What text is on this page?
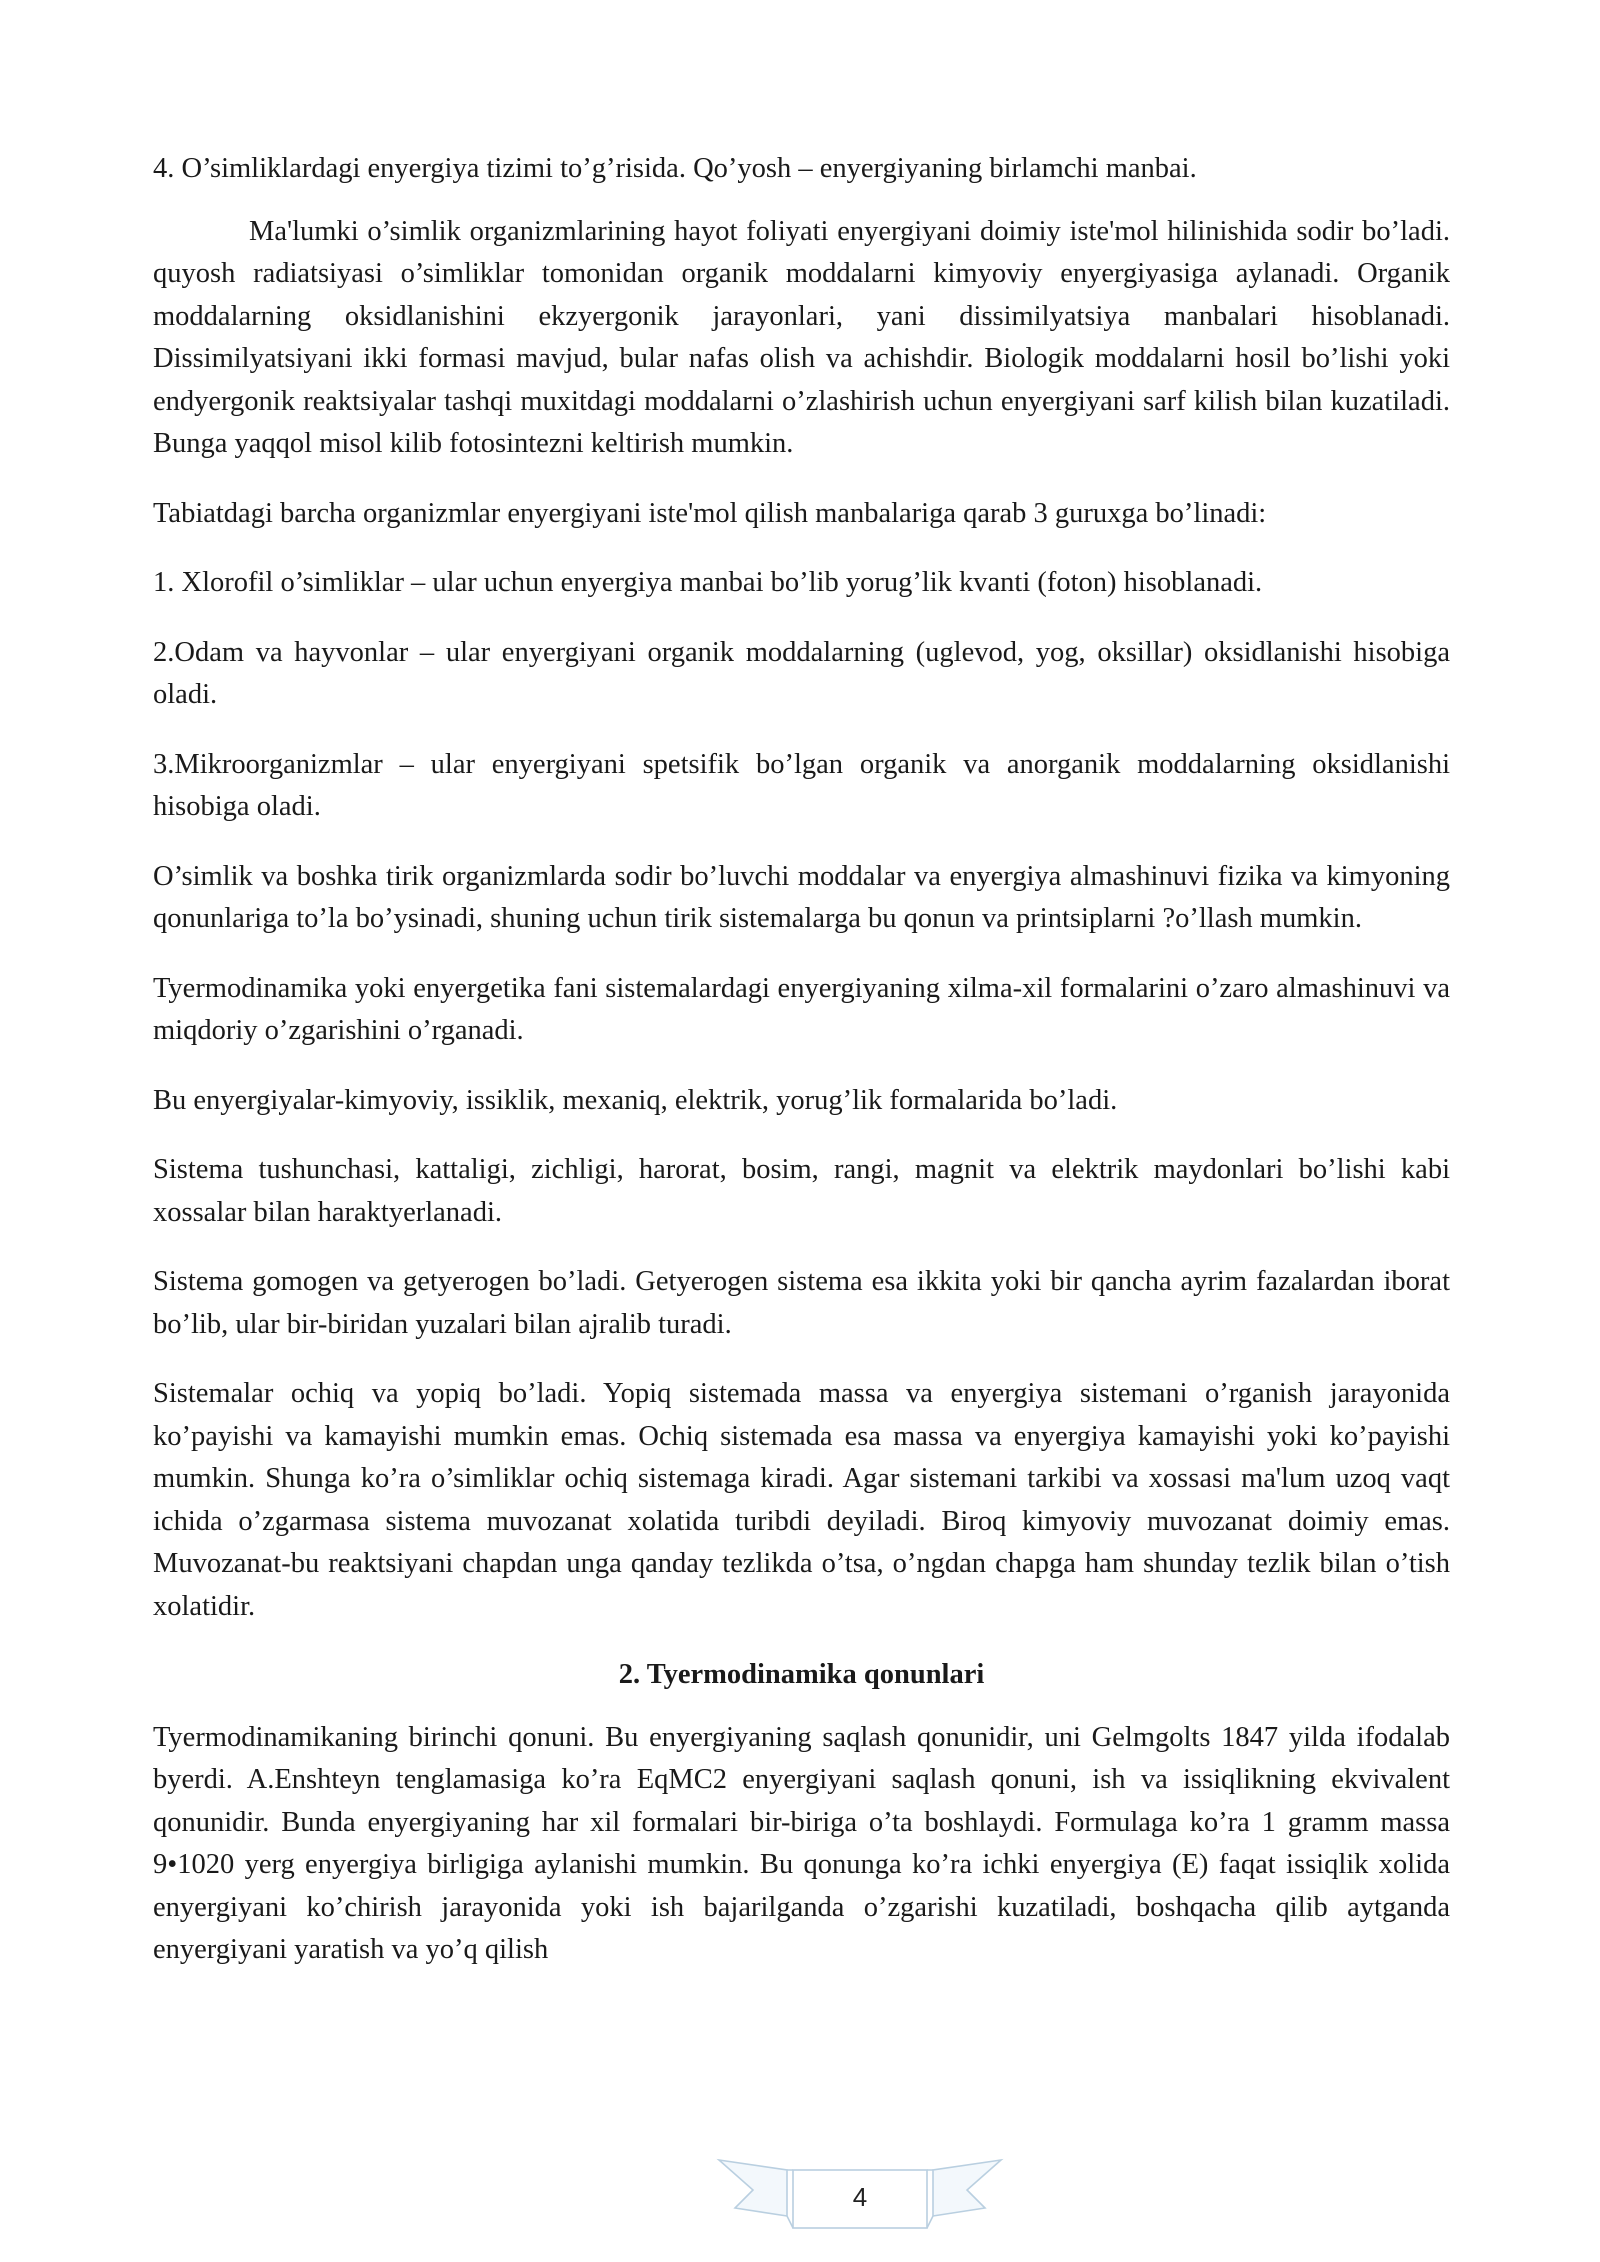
4. O’simliklardagi enyergiya tizimi to’g’risida. Qo’yosh – enyergiyaning birlamchi manbai.

Ma'lumki o’simlik organizmlarining hayot foliyati enyergiyani doimiy iste'mol hilinishida sodir bo’ladi. quyosh radiatsiyasi o’simliklar tomonidan organik moddalarni kimyoviy enyergiyasiga aylanadi. Organik moddalarning oksidlanishini ekzyergonik jarayonlari, yani dissimilyatsiya manbalari hisoblanadi. Dissimilyatsiyani ikki formasi mavjud, bular nafas olish va achishdir. Biologik moddalarni hosil bo’lishi yoki endyergonik reaktsiyalar tashqi muxitdagi moddalarni o’zlashirish uchun enyergiyani sarf kilish bilan kuzatiladi. Bunga yaqqol misol kilib fotosintezni keltirish mumkin.

Tabiatdagi barcha organizmlar enyergiyani iste'mol qilish manbalariga qarab 3 guruxga bo’linadi:

1. Xlorofil o’simliklar – ular uchun enyergiya manbai bo’lib yorug’lik kvanti (foton) hisoblanadi.

2.Odam va hayvonlar – ular enyergiyani organik moddalarning (uglevod, yog, oksillar) oksidlanishi hisobiga oladi.

3.Mikroorganizmlar – ular enyergiyani spetsifik bo’lgan organik va anorganik moddalarning oksidlanishi hisobiga oladi.

O’simlik va boshka tirik organizmlarda sodir bo’luvchi moddalar va enyergiya almashinuvi fizika va kimyoning qonunlariga to’la bo’ysinadi, shuning uchun tirik sistemalarga bu qonun va printsiplarni ?o’llash mumkin.

Tyermodinamika yoki enyergetika fani sistemalardagi enyergiyaning xilma-xil formalarini o’zaro almashinuvi va miqdoriy o’zgarishini o’rganadi.

Bu enyergiyalar-kimyoviy, issiklik, mexaniq, elektrik, yorug’lik formalarida bo’ladi.

Sistema tushunchasi, kattaligi, zichligi, harorat, bosim, rangi, magnit va elektrik maydonlari bo’lishi kabi xossalar bilan haraktyerlanadi.

Sistema gomogen va getyerogen bo’ladi. Getyerogen sistema esa ikkita yoki bir qancha ayrim fazalardan iborat bo’lib, ular bir-biridan yuzalari bilan ajralib turadi.

Sistemalar ochiq va yopiq bo’ladi. Yopiq sistemada massa va enyergiya sistemani o’rganish jarayonida ko’payishi va kamayishi mumkin emas. Ochiq sistemada esa massa va enyergiya kamayishi yoki ko’payishi mumkin. Shunga ko’ra o’simliklar ochiq sistemaga kiradi. Agar sistemani tarkibi va xossasi ma'lum uzoq vaqt ichida o’zgarmasa sistema muvozanat xolatida turibdi deyiladi. Biroq kimyoviy muvozanat doimiy emas. Muvozanat-bu reaktsiyani chapdan unga qanday tezlikda o’tsa, o’ngdan chapga ham shunday tezlik bilan o’tish xolatidir.

2. Tyermodinamika qonunlari

Tyermodinamikaning birinchi qonuni. Bu enyergiyaning saqlash qonunidir, uni Gelmgolts 1847 yilda ifodalab byerdi. A.Enshteyn tenglamasiga ko’ra EqMC2 enyergiyani saqlash qonuni, ish va issiqlikning ekvivalent qonunidir. Bunda enyergiyaning har xil formalari bir-biriga o’ta boshlaydi. Formulaga ko’ra 1 gramm massa 9•1020 yerg enyergiya birligiga aylanishi mumkin. Bu qonunga ko’ra ichki enyergiya (E) faqat issiqlik xolida enyergiyani ko’chirish jarayonida yoki ish bajarilganda o’zgarishi kuzatiladi, boshqacha qilib aytganda enyergiyani yaratish va yo’q qilish

4
